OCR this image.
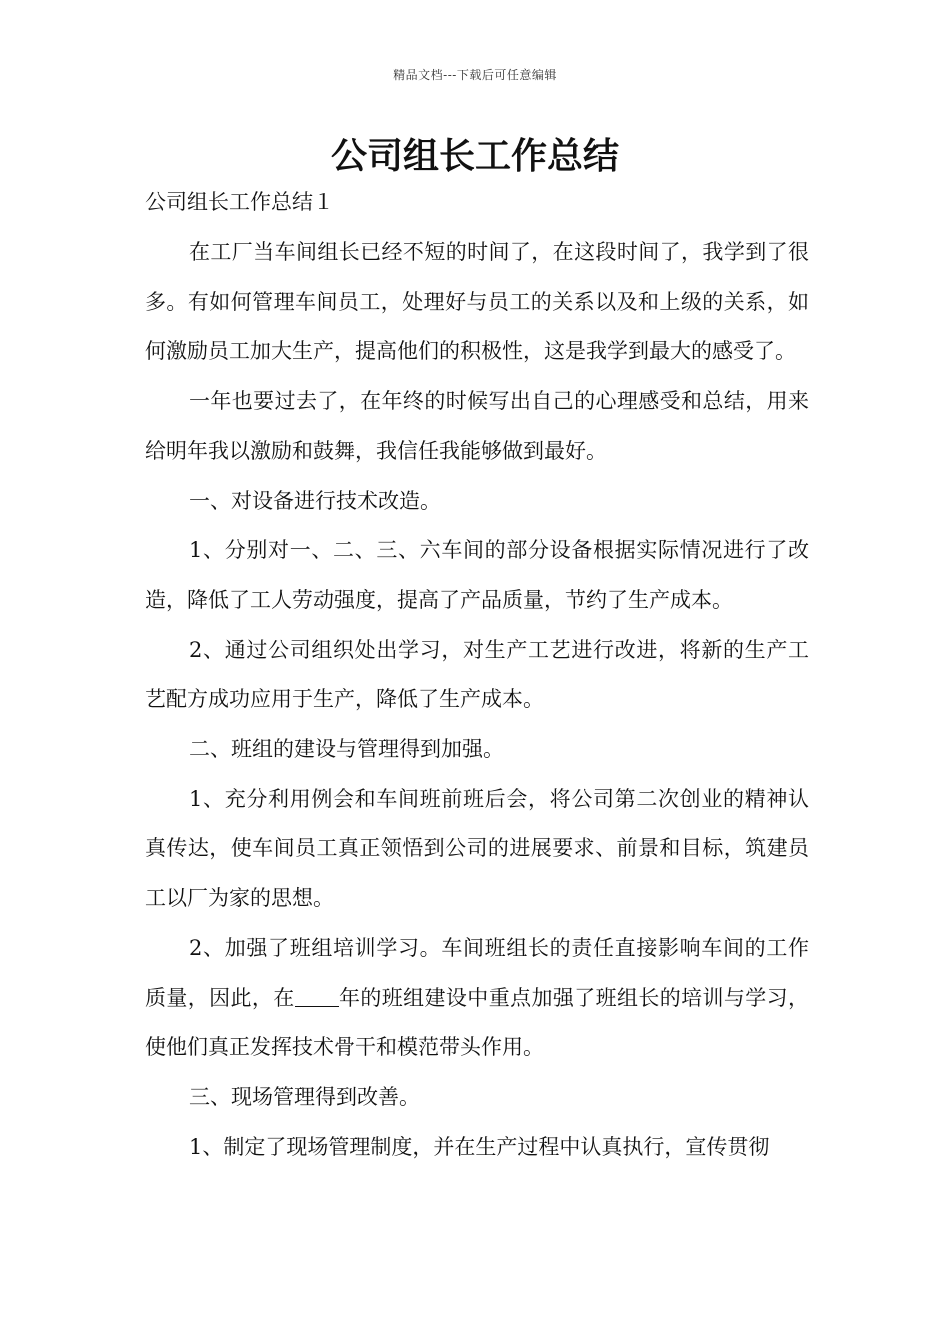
精品文档---下载后可任意编辑
公司组长工作总结

公司组长工作总结１

在工厂当车间组长已经不短的时间了，在这段时间了，我学到了很多。有如何管理车间员工，处理好与员工的关系以及和上级的关系，如何激励员工加大生产，提高他们的积极性，这是我学到最大的感受了。

一年也要过去了，在年终的时候写出自己的心理感受和总结，用来给明年我以激励和鼓舞，我信任我能够做到最好。

一、对设备进行技术改造。

1、分别对一、二、三、六车间的部分设备根据实际情况进行了改造，降低了工人劳动强度，提高了产品质量，节约了生产成本。

2、通过公司组织处出学习，对生产工艺进行改进，将新的生产工艺配方成功应用于生产，降低了生产成本。

二、班组的建设与管理得到加强。

1、充分利用例会和车间班前班后会，将公司第二次创业的精神认真传达，使车间员工真正领悟到公司的进展要求、前景和目标，筑建员工以厂为家的思想。

2、加强了班组培训学习。车间班组长的责任直接影响车间的工作质量，因此，在 年的班组建设中重点加强了班组长的培训与学习，使他们真正发挥技术骨干和模范带头作用。

三、现场管理得到改善。

1、制定了现场管理制度，并在生产过程中认真执行，宣传贯彻
